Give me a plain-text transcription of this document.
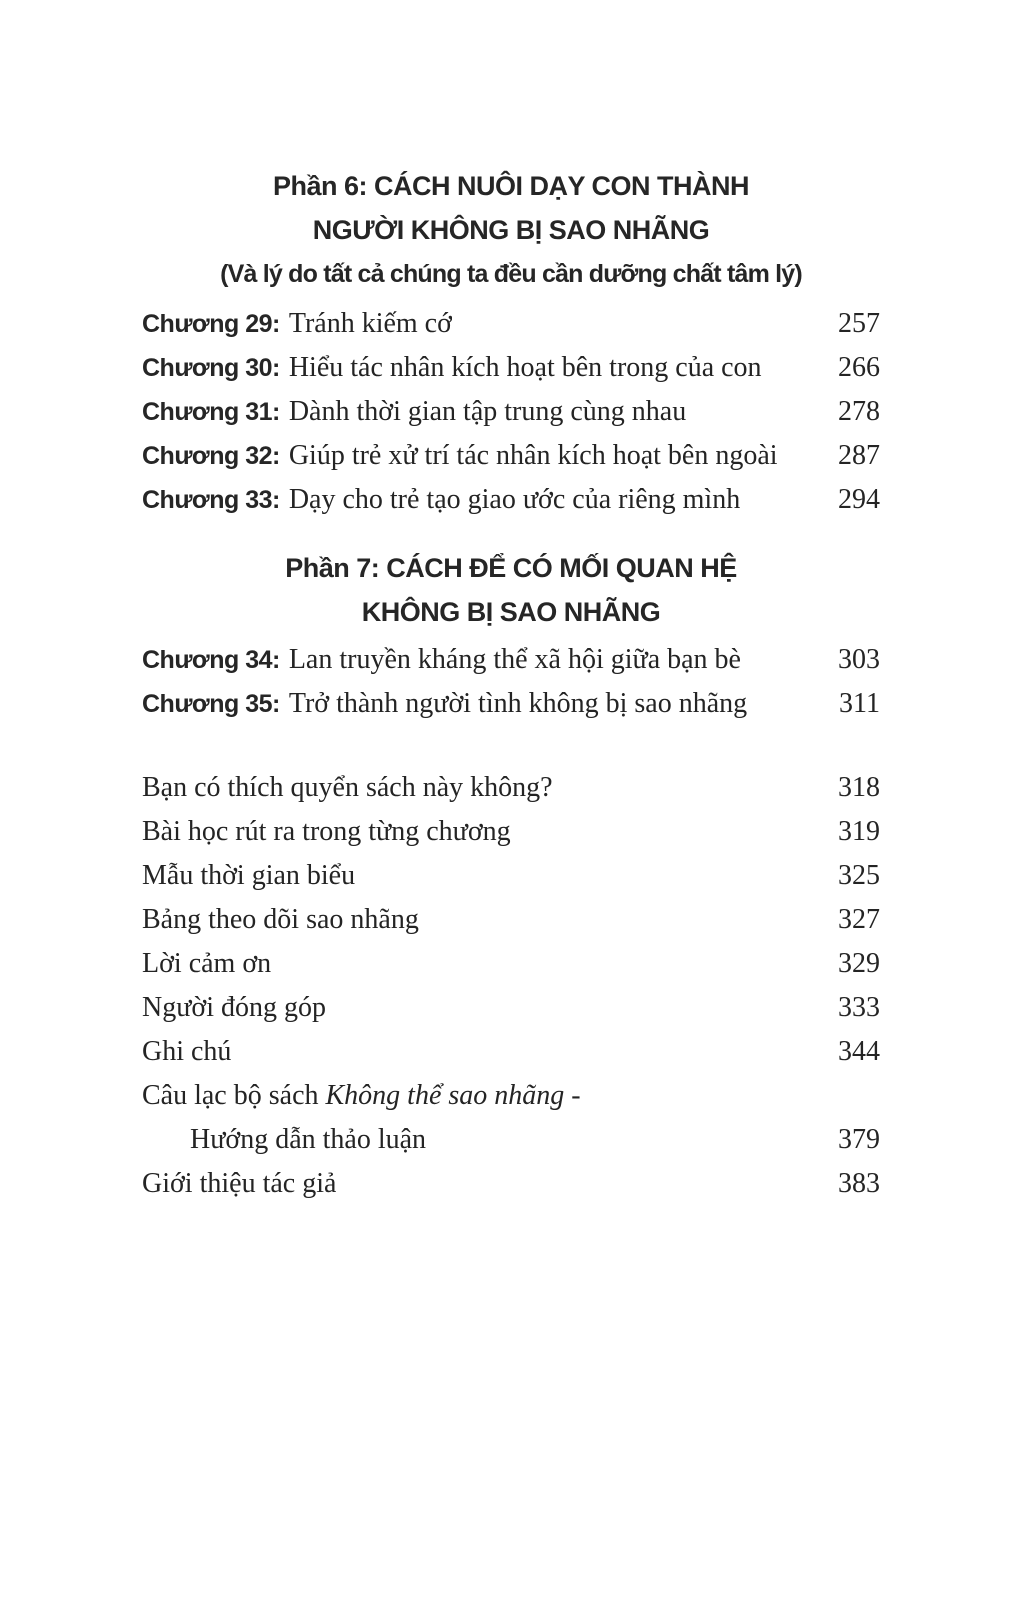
Phần 6: CÁCH NUÔI DẠY CON THÀNH
NGƯỜI KHÔNG BỊ SAO NHÃNG
(Và lý do tất cả chúng ta đều cần dưỡng chất tâm lý)
Chương 29: Tránh kiếm cớ	257
Chương 30: Hiểu tác nhân kích hoạt bên trong của con	266
Chương 31: Dành thời gian tập trung cùng nhau	278
Chương 32: Giúp trẻ xử trí tác nhân kích hoạt bên ngoài 287
Chương 33: Dạy cho trẻ tạo giao ước của riêng mình	294
Phần 7: CÁCH ĐỂ CÓ MỐI QUAN HỆ
KHÔNG BỊ SAO NHÃNG
Chương 34: Lan truyền kháng thể xã hội giữa bạn bè	303
Chương 35: Trở thành người tình không bị sao nhãng	311
Bạn có thích quyển sách này không?	318
Bài học rút ra trong từng chương	319
Mẫu thời gian biểu	325
Bảng theo dõi sao nhãng	327
Lời cảm ơn	329
Người đóng góp	333
Ghi chú	344
Câu lạc bộ sách Không thể sao nhãng -
Hướng dẫn thảo luận	379
Giới thiệu tác giả	383
